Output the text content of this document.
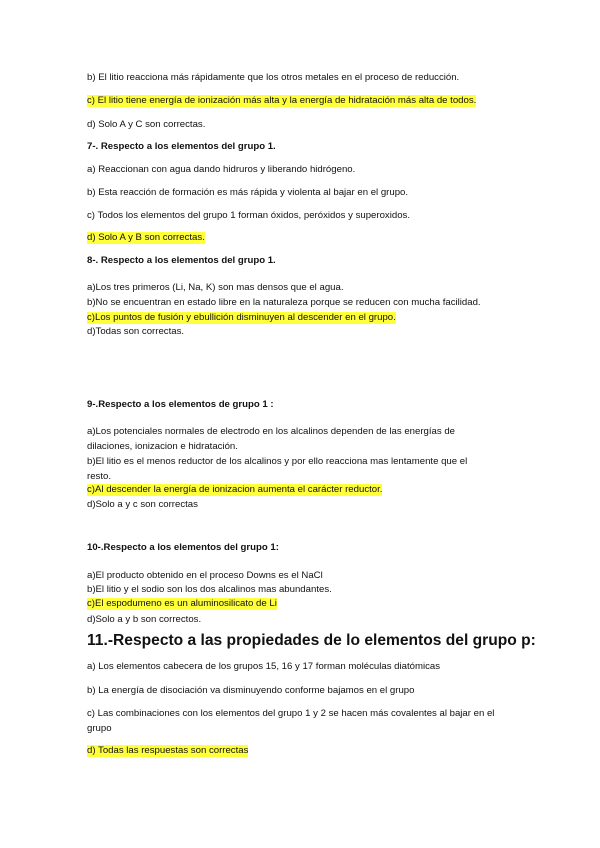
b) El litio reacciona más rápidamente que los otros metales en el proceso de reducción.
c) El litio tiene energía de ionización más alta y la energía de hidratación más alta de todos.
d) Solo A y C son correctas.
7-. Respecto a los elementos del grupo 1.
a) Reaccionan con agua dando hidruros y liberando hidrógeno.
b) Esta reacción de formación es más rápida y violenta al bajar en el grupo.
c) Todos los elementos del grupo 1 forman óxidos, peróxidos y superoxidos.
d) Solo A y B son correctas.
8-. Respecto a los elementos del grupo 1.
a)Los tres primeros (Li, Na, K) son mas densos que el agua.
b)No se encuentran en estado libre en la naturaleza porque se reducen con mucha facilidad.
c)Los puntos de fusión y ebullición disminuyen al descender en el grupo.
d)Todas son correctas.
9-.Respecto a los elementos de grupo 1 :
a)Los potenciales normales de electrodo en los alcalinos dependen de las energías de
dilaciones, ionizacion e hidratación.
b)El litio es el menos reductor de los alcalinos y por ello reacciona mas lentamente que el
resto.
c)Al descender la energía de ionizacion aumenta el carácter reductor.
d)Solo a y c son correctas
10-.Respecto a los elementos del grupo 1:
a)El producto obtenido en el proceso Downs es el NaCl
b)El litio y el sodio son los dos alcalinos mas abundantes.
c)El espodumeno es un aluminosilicato de Li
d)Solo a y b son correctos.
11.-Respecto a las propiedades de lo elementos del grupo p:
a) Los elementos cabecera de los grupos 15, 16 y 17 forman moléculas diatómicas
b) La energía de disociación va disminuyendo conforme bajamos en el grupo
c) Las combinaciones con los elementos del grupo 1 y 2 se hacen más covalentes al bajar en el
grupo
d) Todas las respuestas son correctas
